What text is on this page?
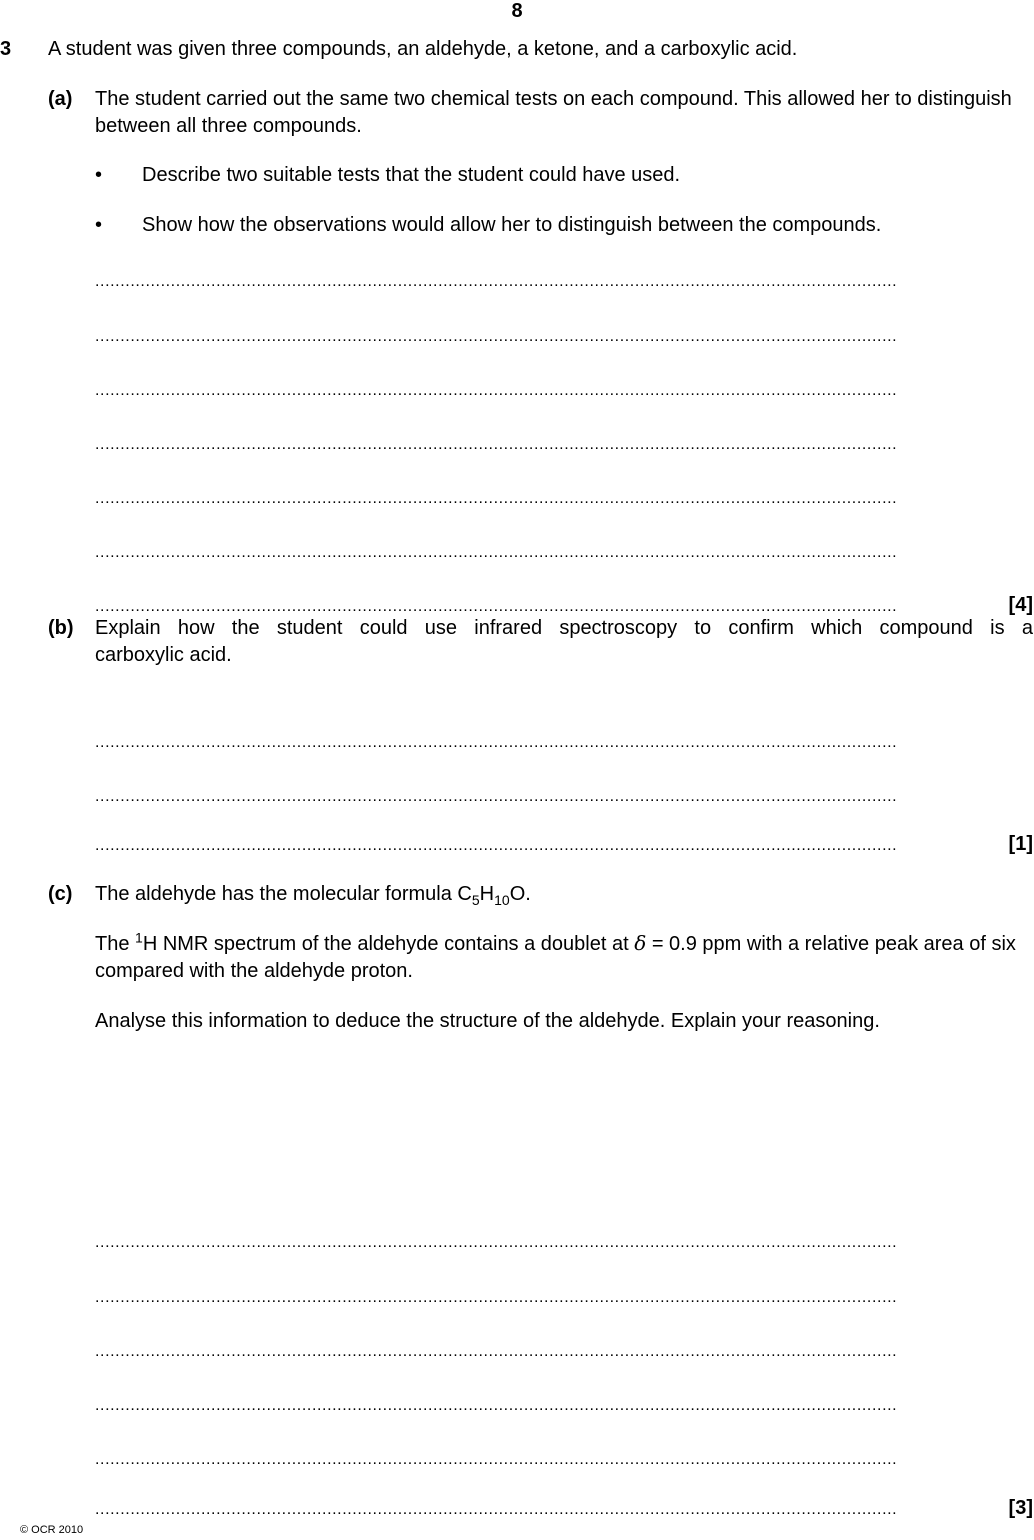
8
3 A student was given three compounds, an aldehyde, a ketone, and a carboxylic acid.
(a) The student carried out the same two chemical tests on each compound. This allowed her to distinguish between all three compounds.
• Describe two suitable tests that the student could have used.
• Show how the observations would allow her to distinguish between the compounds.
...............................................................................................................................................................
...............................................................................................................................................................
...............................................................................................................................................................
...............................................................................................................................................................
...............................................................................................................................................................
...............................................................................................................................................................
...............................................................................................................................................................	[4]
(b) Explain  how  the  student  could  use  infrared  spectroscopy  to  confirm  which  compound  is  a carboxylic acid.
...............................................................................................................................................................
...............................................................................................................................................................
...............................................................................................................................................................	[1]
(c) The aldehyde has the molecular formula $C_5H_{10}O$.
The $^1$H NMR spectrum of the aldehyde contains a doublet at δ = 0.9 ppm with a relative peak area of six compared with the aldehyde proton.
Analyse this information to deduce the structure of the aldehyde. Explain your reasoning.
...............................................................................................................................................................
...............................................................................................................................................................
...............................................................................................................................................................
...............................................................................................................................................................
...............................................................................................................................................................
...............................................................................................................................................................	[3]
© OCR 2010
